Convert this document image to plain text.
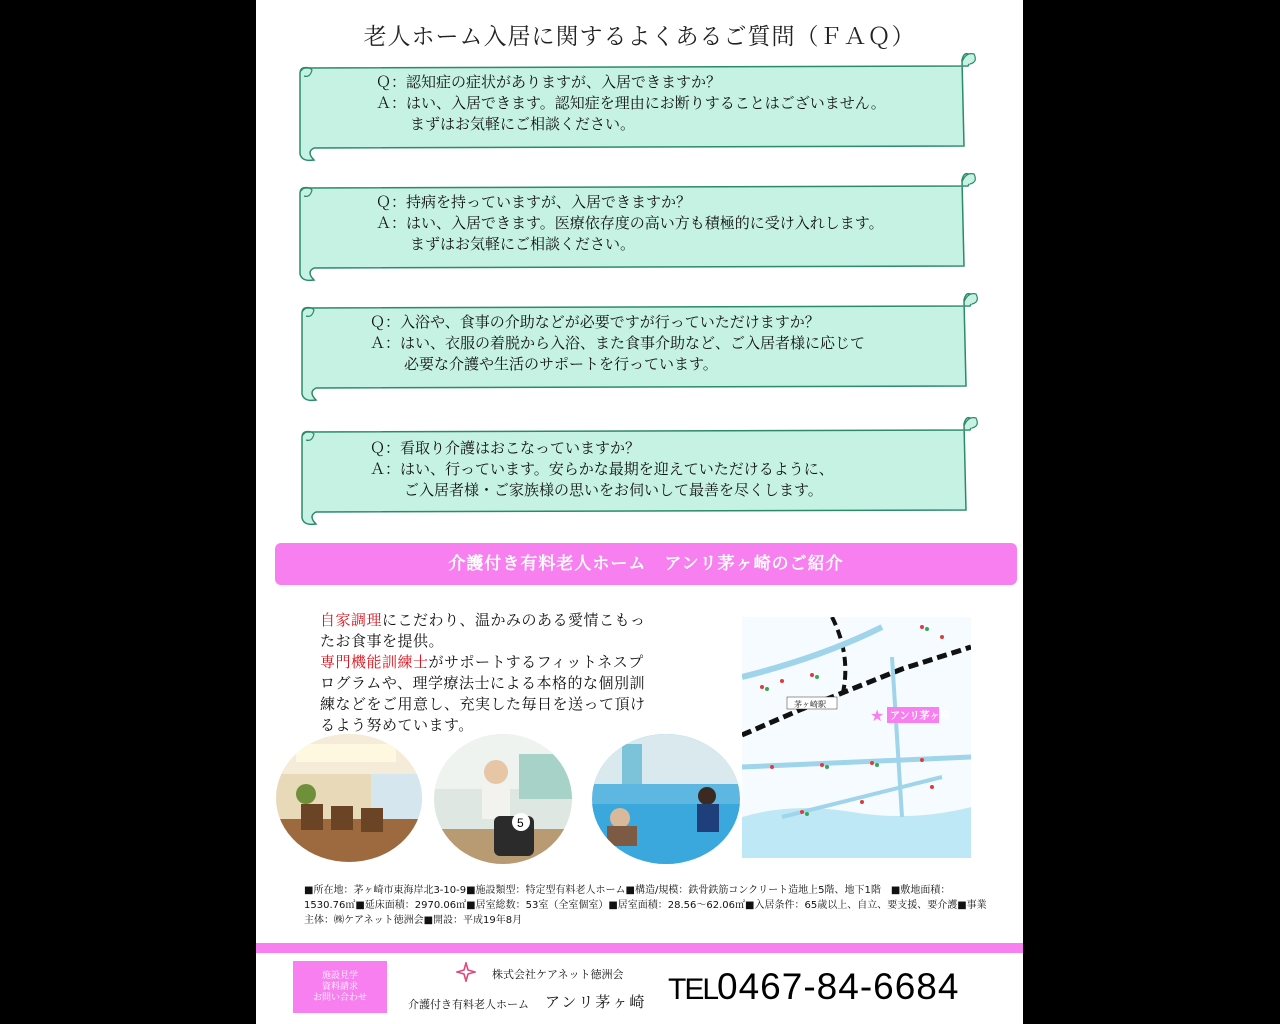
老人ホーム入居に関するよくあるご質問（ＦＡＱ）
Ｑ：認知症の症状がありますが、入居できますか？
Ａ：はい、入居できます。認知症を理由にお断りすることはございません。
まずはお気軽にご相談ください。
Ｑ：持病を持っていますが、入居できますか？
Ａ：はい、入居できます。医療依存度の高い方も積極的に受け入れします。
まずはお気軽にご相談ください。
Ｑ：入浴や、食事の介助などが必要ですが行っていただけますか？
Ａ：はい、衣服の着脱から入浴、また食事介助など、ご入居者様に応じて
必要な介護や生活のサポートを行っています。
Ｑ：看取り介護はおこなっていますか？
Ａ：はい、行っています。安らかな最期を迎えていただけるように、
ご入居者様・ご家族様の思いをお伺いして最善を尽くします。
介護付き有料老人ホーム　アンリ茅ヶ崎のご紹介
自家調理にこだわり、温かみのある愛情こもったお食事を提供。
専門機能訓練士がサポートするフィットネスプログラムや、理学療法士による本格的な個別訓練などをご用意し、充実した毎日を送って頂けるよう努めています。
5
茅ヶ崎駅
★ アンリ茅ヶ崎
■所在地：茅ヶ崎市東海岸北3-10-9■施設類型：特定型有料老人ホーム■構造/規模：鉄骨鉄筋コンクリート造地上5階、地下1階　■敷地面積：1530.76㎡■延床面積：2970.06㎡■居室総数：53室（全室個室）■居室面積：28.56～62.06㎡■入居条件：65歳以上、自立、要支援、要介護■事業主体：㈱ケアネット徳洲会■開設：平成19年8月
施設見学
資料請求
お問い合わせ
株式会社ケアネット徳洲会
介護付き有料老人ホーム アンリ茅ヶ崎 TEL0467-84-6684
